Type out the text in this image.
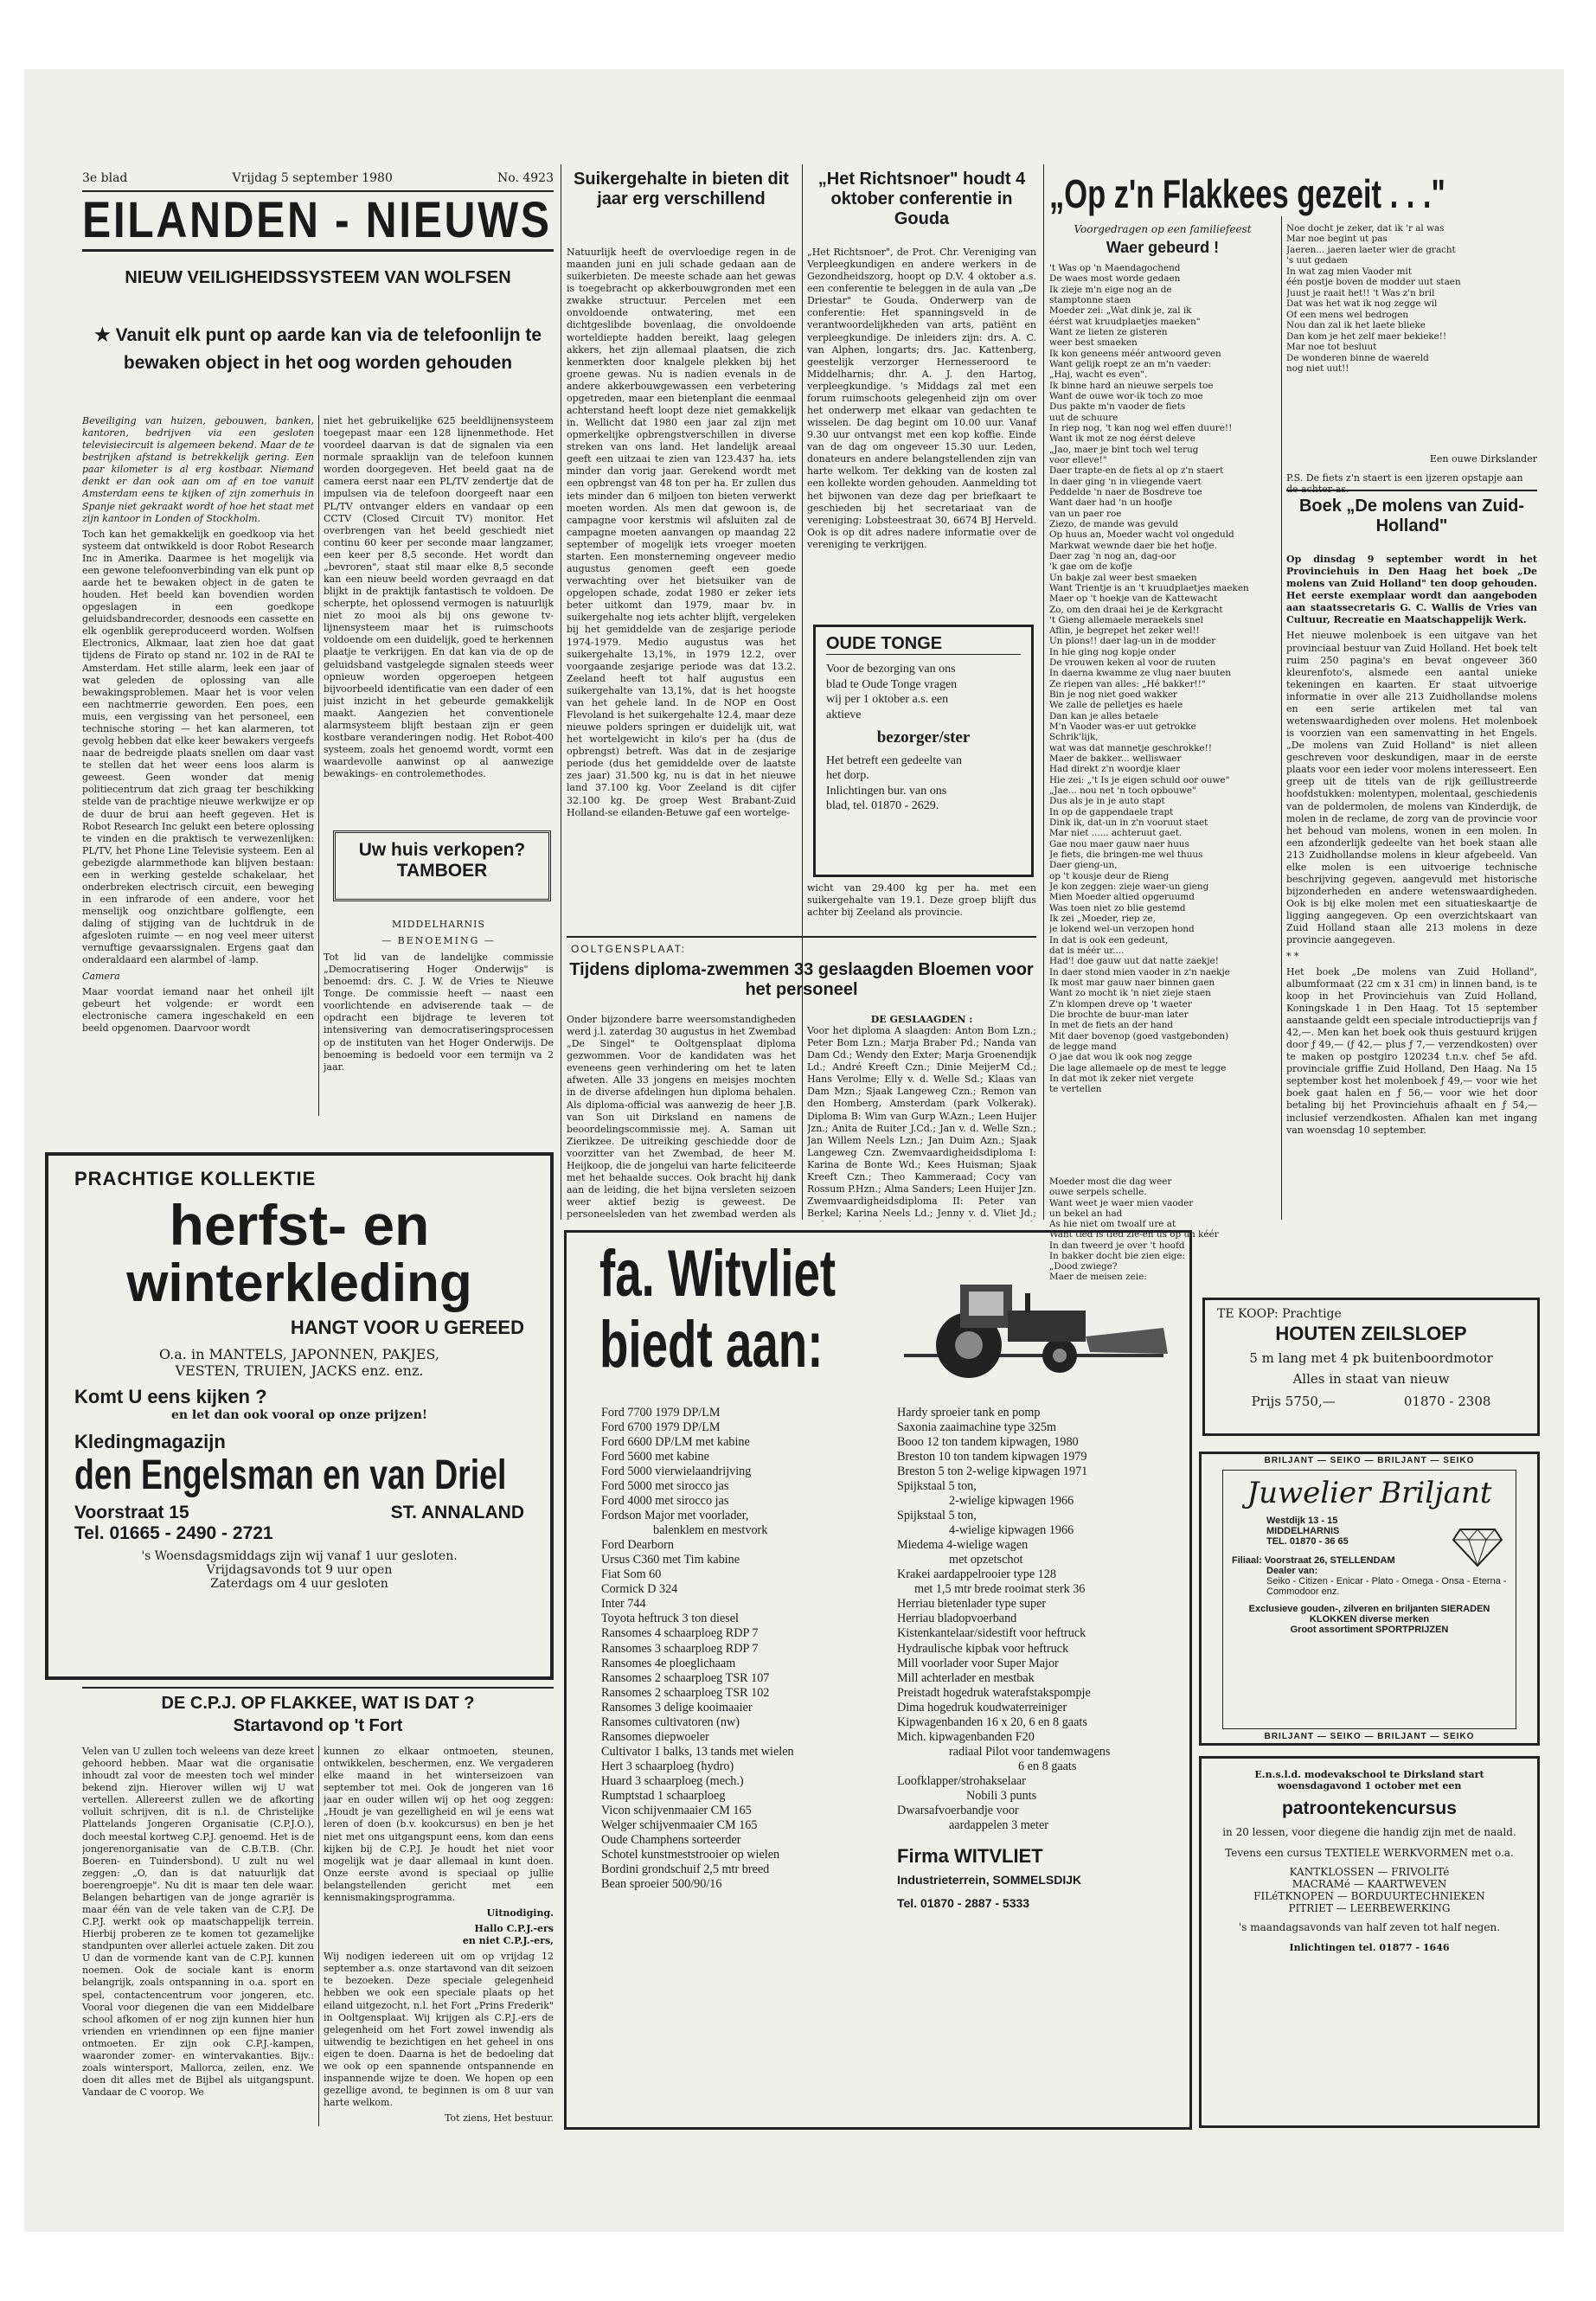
3e blad	Vrijdag 5 september 1980	No. 4923
EILANDEN - NIEUWS
NIEUW VEILIGHEIDSSYSTEEM VAN WOLFSEN
★ Vanuit elk punt op aarde kan via de telefoonlijn te bewaken object in het oog worden gehouden

Beveiliging van huizen, gebouwen, banken, kantoren, bedrijven via een gesloten televisiecircuit is algemeen bekend. Maar de te bestrijken afstand is betrekkelijk gering. Een paar kilometer is al erg kostbaar. Niemand denkt er dan ook aan om af en toe vanuit Amsterdam eens te kijken of zijn zomerhuis in Spanje niet gekraakt wordt of hoe het staat met zijn kantoor in Londen of Stockholm.

Toch kan het gemakkelijk en goedkoop via het systeem dat ontwikkeld is door Robot Research Inc in Amerika. Daarmee is het mogelijk via een gewone telefoonverbinding van elk punt op aarde het te bewaken object in de gaten te houden. Het beeld kan bovendien worden opgeslagen in een goedkope geluidsbandrecorder, desnoods een cassette en elk ogenblik gereproduceerd worden. Wolfsen Electronics, Alkmaar, laat zien hoe dat gaat tijdens de Firato op stand nr. 102 in de RAI te Amsterdam. Het stille alarm, leek een jaar of wat geleden de oplossing van alle bewakingsproblemen. Maar het is voor velen een nachtmerrie geworden. Een poes, een muis, een vergissing van het personeel, een technische storing — het kan alarmeren, tot gevolg hebben dat elke keer bewakers vergeefs naar de bedreigde plaats snellen om daar vast te stellen dat het weer eens loos alarm is geweest. Geen wonder dat menig politiecentrum dat zich graag ter beschikking stelde van de prachtige nieuwe werkwijze er op de duur de brui aan heeft gegeven. Het is Robot Research Inc gelukt een betere oplossing te vinden en die praktisch te verwezenlijken: PL/TV, het Phone Line Televisie systeem. Een al gebezigde alarmmethode kan blijven bestaan: een in werking gestelde schakelaar, het onderbreken electrisch circuit, een beweging in een infrarode of een andere, voor het menselijk oog onzichtbare golflengte, een daling of stijging van de luchtdruk in de afgesloten ruimte — en nog veel meer uiterst vernuftige gevaarssignalen. Ergens gaat dan onderaldaard een alarmbel of -lamp.

Camera

Maar voordat iemand naar het onheil ijlt gebeurt het volgende: er wordt een electronische camera ingeschakeld en een beeld opgenomen. Daarvoor wordt

niet het gebruikelijke 625 beeldlijnensysteem toegepast maar een 128 lijnenmethode. Het voordeel daarvan is dat de signalen via een normale spraaklijn van de telefoon kunnen worden doorgegeven. Het beeld gaat na de camera eerst naar een PL/TV zendertje dat de impulsen via de telefoon doorgeeft naar een PL/TV ontvanger elders en vandaar op een CCTV (Closed Circuit TV) monitor. Het overbrengen van het beeld geschiedt niet continu 60 keer per seconde maar langzamer, een keer per 8,5 seconde. Het wordt dan „bevroren", staat stil maar elke 8,5 seconde kan een nieuw beeld worden gevraagd en dat blijkt in de praktijk fantastisch te voldoen. De scherpte, het oplossend vermogen is natuurlijk niet zo mooi als bij ons gewone tv-lijnensysteem maar het is ruimschoots voldoende om een duidelijk, goed te herkennen plaatje te verkrijgen. En dat kan via de op de geluidsband vastgelegde signalen steeds weer opnieuw worden opgeroepen hetgeen bijvoorbeeld identificatie van een dader of een juist inzicht in het gebeurde gemakkelijk maakt. Aangezien het conventionele alarmsysteem blijft bestaan zijn er geen kostbare veranderingen nodig. Het Robot-400 systeem, zoals het genoemd wordt, vormt een waardevolle aanwinst op al aanwezige bewakings- en controlemethodes.

Uw huis verkopen?
TAMBOER
MIDDELHARNIS
— BENOEMING —

Tot lid van de landelijke commissie „Democratisering Hoger Onderwijs" is benoemd: drs. C. J. W. de Vries te Nieuwe Tonge. De commissie heeft — naast een voorlichtende en adviserende taak — de opdracht een bijdrage te leveren tot intensivering van democratiseringsprocessen op de instituten van het Hoger Onderwijs. De benoeming is bedoeld voor een termijn va 2 jaar.

Suikergehalte in bieten dit jaar erg verschillend

Natuurlijk heeft de overvloedige regen in de maanden juni en juli schade gedaan aan de suikerbieten. De meeste schade aan het gewas is toegebracht op akkerbouwgronden met een zwakke structuur. Percelen met een onvoldoende ontwatering, met een dichtgeslibde bovenlaag, die onvoldoende worteldiepte hadden bereikt, laag gelegen akkers, het zijn allemaal plaatsen, die zich kenmerkten door knalgele plekken bij het groene gewas. Nu is nadien evenals in de andere akkerbouwgewassen een verbetering opgetreden, maar een bietenplant die eenmaal achterstand heeft loopt deze niet gemakkelijk in. Wellicht dat 1980 een jaar zal zijn met opmerkelijke opbrengstverschillen in diverse streken van ons land. Het landelijk areaal geeft een uitzaai te zien van 123.437 ha. iets minder dan vorig jaar. Gerekend wordt met een opbrengst van 48 ton per ha. Er zullen dus iets minder dan 6 miljoen ton bieten verwerkt moeten worden. Als men dat gewoon is, de campagne voor kerstmis wil afsluiten zal de campagne moeten aanvangen op maandag 22 september of mogelijk iets vroeger moeten starten. Een monsterneming ongeveer medio augustus genomen geeft een goede verwachting over het bietsuiker van de opgelopen schade, zodat 1980 er zeker iets beter uitkomt dan 1979, maar bv. in suikergehalte nog iets achter blijft, vergeleken bij het gemiddelde van de zesjarige periode 1974-1979. Medio augustus was het suikergehalte 13,1%, in 1979 12.2, over voorgaande zesjarige periode was dat 13.2. Zeeland heeft tot half augustus een suikergehalte van 13,1%, dat is het hoogste van het gehele land. In de NOP en Oost Flevoland is het suikergehalte 12.4, maar deze nieuwe polders springen er duidelijk uit, wat het wortelgewicht in kilo's per ha (dus de opbrengst) betreft. Was dat in de zesjarige periode (dus het gemiddelde over de laatste zes jaar) 31.500 kg, nu is dat in het nieuwe land 37.100 kg. Voor Zeeland is dit cijfer 32.100 kg. De groep West Brabant-Zuid Holland-se eilanden-Betuwe gaf een wortelge-

„Het Richtsnoer" houdt 4 oktober conferentie in Gouda

„Het Richtsnoer", de Prot. Chr. Vereniging van Verpleegkundigen en andere werkers in de Gezondheidszorg, hoopt op D.V. 4 oktober a.s. een conferentie te beleggen in de aula van „De Driestar" te Gouda. Onderwerp van de conferentie: Het spanningsveld in de verantwoordelijkheden van arts, patiënt en verpleegkundige. De inleiders zijn: drs. A. C. van Alphen, longarts; drs. Jac. Kattenberg, geestelijk verzorger Hernesseroord te Middelharnis; dhr. A. J. den Hartog, verpleegkundige. 's Middags zal met een forum ruimschoots gelegenheid zijn om over het onderwerp met elkaar van gedachten te wisselen. De dag begint om 10.00 uur. Vanaf 9.30 uur ontvangst met een kop koffie. Einde van de dag om ongeveer 15.30 uur. Leden, donateurs en andere belangstellenden zijn van harte welkom. Ter dekking van de kosten zal een kollekte worden gehouden. Aanmelding tot het bijwonen van deze dag per briefkaart te geschieden bij het secretariaat van de vereniging: Lobsteestraat 30, 6674 BJ Herveld. Ook is op dit adres nadere informatie over de vereniging te verkrijgen.

OUDE TONGE
Voor de bezorging van ons
blad te Oude Tonge vragen
wij per 1 oktober a.s. een
aktieve
bezorger/ster
Het betreft een gedeelte van
het dorp.
Inlichtingen bur. van ons
blad, tel. 01870 - 2629.

wicht van 29.400 kg per ha. met een suikergehalte van 19.1. Deze groep blijft dus achter bij Zeeland als provincie.

OOLTGENSPLAAT:
Tijdens diploma-zwemmen 33 geslaagden Bloemen voor het personeel

Onder bijzondere barre weersomstandigheden werd j.l. zaterdag 30 augustus in het Zwembad „De Singel" te Ooltgensplaat diploma gezwommen. Voor de kandidaten was het eveneens geen verhindering om het te laten afweten. Alle 33 jongens en meisjes mochten in de diverse afdelingen hun diploma behalen. Als diploma-official was aanwezig de heer J.B. van Son uit Dirksland en namens de beoordelingscommissie mej. A. Saman uit Zierikzee. De uitreiking geschiedde door de voorzitter van het Zwembad, de heer M. Heijkoop, die de jongelui van harte feliciteerde met het behaalde succes. Ook bracht hij dank aan de leiding, die het bijna versleten seizoen weer aktief bezig is geweest. De personeelsleden van het zwembad werden als

DE GESLAAGDEN :

Voor het diploma A slaagden: Anton Bom Lzn.; Peter Bom Lzn.; Marja Braber Pd.; Nanda van Dam Cd.; Wendy den Exter; Marja Groenendijk Ld.; André Kreeft Czn.; Dinie MeijerM Cd.; Hans Verolme; Elly v. d. Welle Sd.; Klaas van Dam Mzn.; Sjaak Langeweg Czn.; Remon van den Homberg, Amsterdam (park Volkerak). Diploma B: Wim van Gurp W.Azn.; Leen Huijer Jzn.; Anita de Ruiter J.Cd.; Jan v. d. Welle Szn.; Jan Willem Neels Lzn.; Jan Duim Azn.; Sjaak Langeweg Czn. Zwemvaardigheidsdiploma I: Karina de Bonte Wd.; Kees Huisman; Sjaak Kreeft Czn.; Theo Kammeraad; Cocy van Rossum P.Hzn.; Alma Sanders; Leen Huijer Jzn. Zwemvaardigheidsdiploma II: Peter van Berkel; Karina Neels Ld.; Jenny v. d. Vliet Jd.;

„Op z'n Flakkees gezeit . . ."
Voorgedragen op een familiefeest
Waer gebeurd !
't Was op 'n Maendagochend
De waes most worde gedaen
Ik zieje m'n eige nog an de
stamptonne staen
Moeder zei: „Wat dink je, zal ik
éérst wat kruudplaetjes maeken"
Want ze lieten ze gisteren
weer best smaeken
Ik kon geneens méér antwoord geven
Want gelijk roept ze an m'n vaeder:
„Haj, wacht es even".
Ik binne hard an nieuwe serpels toe
Want de ouwe wor-ik toch zo moe
Dus pakte m'n vaoder de fiets
uut de schuure
In riep nog, 't kan nog wel effen duure!!
Want ik mot ze nog éérst deleve
„Jao, maer je bint toch wel terug
voor elleve!"
Daer trapte-en de fiets al op z'n staert
In daer ging 'n in vliegende vaert
Peddelde 'n naer de Bosdreve toe
Want daer had 'n un hoofje
van un paer roe
Ziezo, de mande was gevuld
Op huus an, Moeder wacht vol ongeduld
Markwat wewnde daer bie het hofje.
Daer zag 'n nog an, dag-oor
'k gae om de kofje
Un bakje zal weer best smaeken
Want Trientje is an 't kruudplaetjes maeken
Maer op 't hoekje van de Kattewacht
Zo, om den draai hei je de Kerkgracht
't Gieng allemaele meraekels snel
Aflin, je begrepet het zeker wel!!
Un plons!! daer lag-un in de modder
In hie ging nog kopje onder
De vrouwen keken al voor de ruuten
In daerna kwamme ze vlug naer buuten
Ze riepen van alles: „Hé bakker!!"
Bin je nog niet goed wakker
We zalle de pelletjes es haele
Dan kan je alles betaele
M'n Vaoder was-er uut getrokke
Schrik'lijk,
wat was dat mannetje geschrokke!!
Maer de bakker... welliswaer
Had direkt z'n woordje klaer
Hie zei: „'t Is je eigen schuld oor ouwe"
„Jae... nou net 'n toch opbouwe"
Dus als je in je auto stapt
In op de gappendaele trapt
Dink ik, dat-un in z'n vooruut staet
Mar niet ...... achteruut gaet.
Gae nou maer gauw naer huus
Je fiets, die bringen-me wel thuus
Daer gieng-un,
op 't kousje deur de Rieng
Je kon zeggen: zieje waer-un gieng
Mien Moeder altied opgeruumd
Was toen niet zo blie gestemd
Ik zei „Moeder, riep ze,
je lokend wel-un verzopen hond
In dat is ook een gedeunt,
dat is méér ur....
Had'! doe gauw uut dat natte zaekje!
In daer stond mien vaoder in z'n naekje
Ik most mar gauw naer binnen gaen
Want zo mocht ik 'n niet zieje staen
Z'n klompen dreve op 't waeter
Die brochte de buur-man later
In met de fiets an der hand
Mit daer bovenop (goed vastgebonden)
de legge mand
O jae dat wou ik ook nog zegge
Die lage allemaele op de mest te legge
In dat mot ik zeker niet vergete
te vertellen
Noe docht je zeker, dat ik 'r al was
Mar noe begint ut pas
Jaeren... jaeren laeter wier de gracht
's uut gedaen
In wat zag mien Vaoder mit
één postje boven de modder uut staen
Juust je raait het!! 't Was z'n bril
Dat was het wat ik nog zegge wil
Of een mens wel bedrogen
Nou dan zal ik het laete blieke
Dan kom je het zelf maer bekieke!!
Mar noe tot besluut
De wonderen binne de waereld
nog niet uut!!
Een ouwe Dirkslander
P.S. De fiets z'n staert is een ijzeren opstapje aan
Boek „De molens van Zuid-Holland"

Op dinsdag 9 september wordt in het Provinciehuis in Den Haag het boek „De molens van Zuid Holland" ten doop gehouden. Het eerste exemplaar wordt dan aangeboden aan staatssecretaris G. C. Wallis de Vries van Cultuur, Recreatie en Maatschappelijk Werk.

Het nieuwe molenboek is een uitgave van het provinciaal bestuur van Zuid Holland. Het boek telt ruim 250 pagina's en bevat ongeveer 360 kleurenfoto's, alsmede een aantal unieke tekeningen en kaarten. Er staat uitvoerige informatie in over alle 213 Zuidhollandse molens en een serie artikelen met tal van wetenswaardigheden over molens. Het molenboek is voorzien van een samenvatting in het Engels. „De molens van Zuid Holland" is niet alleen geschreven voor deskundigen, maar in de eerste plaats voor een ieder voor molens interesseert. Een greep uit de titels van de rijk geïllustreerde hoofdstukken: molentypen, molentaal, geschiedenis van de poldermolen, de molens van Kinderdijk, de molen in de reclame, de zorg van de provincie voor het behoud van molens, wonen in een molen. In een afzonderlijk gedeelte van het boek staan alle 213 Zuidhollandse molens in kleur afgebeeld. Van elke molen is een uitvoerige technische beschrijving gegeven, aangevuld met historische bijzonderheden en andere wetenswaardigheden. Ook is bij elke molen met een situatieskaartje de ligging aangegeven. Op een overzichtskaart van Zuid Holland staan alle 213 molens in deze provincie aangegeven.

* *

Het boek „De molens van Zuid Holland", albumformaat (22 cm x 31 cm) in linnen band, is te koop in het Provinciehuis van Zuid Holland, Koningskade 1 in Den Haag. Tot 15 september aanstaande geldt een speciale introductieprijs van ƒ 42,—. Men kan het boek ook thuis gestuurd krijgen door ƒ 49,— (ƒ 42,— plus ƒ 7,— verzendkosten) over te maken op postgiro 120234 t.n.v. chef 5e afd. provinciale griffie Zuid Holland, Den Haag. Na 15 september kost het molenboek ƒ 49,— voor wie het boek gaat halen en ƒ 56,— voor wie het door betaling bij het Provinciehuis afhaalt en ƒ 54,— inclusief verzendkosten. Afhalen kan met ingang van woensdag 10 september.

Moeder most die dag weer
ouwe serpels schelle.
Want weet je waer mien vaoder
un bekel an had
As hie niet om twoalf ure at
Want tied is tied zie-en us op un kéér
In dan tweerd je over 't hoofd
In bakker docht bie zien eige:
„Dood zwiege?
Maer de meisen zeie:

PRACHTIGE KOLLEKTIE
herfst- en
winterkleding
HANGT VOOR U GEREED
O.a. in MANTELS, JAPONNEN, PAKJES,
VESTEN, TRUIEN, JACKS enz. enz.
Komt U eens kijken ?
en let dan ook vooral op onze prijzen!
Kledingmagazijn
den Engelsman en van Driel
Voorstraat 15	ST. ANNALAND
Tel. 01665 - 2490 - 2721
's Woensdagsmiddags zijn wij vanaf 1 uur gesloten.
Vrijdagsavonds tot 9 uur open
Zaterdags om 4 uur gesloten
DE C.P.J. OP FLAKKEE, WAT IS DAT ?
Startavond op 't Fort

Velen van U zullen toch weleens van deze kreet gehoord hebben. Maar wat die organisatie inhoudt zal voor de meesten toch wel minder bekend zijn. Hierover willen wij U wat vertellen. Allereerst zullen we de afkorting volluit schrijven, dit is n.l. de Christelijke Plattelands Jongeren Organisatie (C.P.J.O.), doch meestal kortweg C.P.J. genoemd. Het is de jongerenorganisatie van de C.B.T.B. (Chr. Boeren- en Tuindersbond). U zult nu wel zeggen: „O, dan is dat natuurlijk dat boerengroepje". Nu dit is maar ten dele waar. Belangen behartigen van de jonge agrariër is maar één van de vele taken van de C.P.J. De C.P.J. werkt ook op maatschappelijk terrein. Hierbij proberen ze te komen tot gezamelijke standpunten over allerlei actuele zaken. Dit zou U dan de vormende kant van de C.P.J. kunnen noemen. Ook de sociale kant is enorm belangrijk, zoals ontspanning in o.a. sport en spel, contactencentrum voor jongeren, etc. Vooral voor diegenen die van een Middelbare school afkomen of er nog zijn kunnen hier hun vrienden en vriendinnen op een fijne manier ontmoeten. Er zijn ook C.P.J.-kampen, waaronder zomer- en wintervakanties. Bijv.: zoals wintersport, Mallorca, zeilen, enz. We doen dit alles met de Bijbel als uitgangspunt. Vandaar de C voorop. We

kunnen zo elkaar ontmoeten, steunen, ontwikkelen, beschermen, enz. We vergaderen elke maand in het winterseizoen van september tot mei. Ook de jongeren van 16 jaar en ouder willen wij op het oog zeggen: „Houdt je van gezelligheid en wil je eens wat leren of doen (b.v. kookcursus) en ben je het niet met ons uitgangspunt eens, kom dan eens kijken bij de C.P.J. Je houdt het niet voor mogelijk wat je daar allemaal in kunt doen. Onze eerste avond is speciaal op jullie belangstellenden gericht met een kennismakingsprogramma.

Uitnodiging.

Hallo C.P.J.-ers

en niet C.P.J.-ers,

Wij nodigen iedereen uit om op vrijdag 12 september a.s. onze startavond van dit seizoen te bezoeken. Deze speciale gelegenheid hebben we ook een speciale plaats op het eiland uitgezocht, n.l. het Fort „Prins Frederik" in Ooltgensplaat. Wij krijgen als C.P.J.-ers de gelegenheid om het Fort zowel inwendig als uitwendig te bezichtigen en het geheel in ons eigen te doen. Daarna is het de bedoeling dat we ook op een spannende ontspannende en inspannende wijze te doen. We hopen op een gezellige avond, te beginnen is om 8 uur van harte welkom.

Tot ziens, Het bestuur.

fa. Witvliet
biedt aan:
Ford 7700 1979 DP/LM
Ford 6700 1979 DP/LM
Ford 6600 DP/LM met kabine
Ford 5600 met kabine
Ford 5000 vierwielaandrijving
Ford 5000 met sirocco jas
Ford 4000 met sirocco jas
Fordson Major met voorlader,
balenklem en mestvork
Ford Dearborn
Ursus C360 met Tim kabine
Fiat Som 60
Cormick D 324
Inter 744
Toyota heftruck 3 ton diesel
Ransomes 4 schaarploeg RDP 7
Ransomes 3 schaarploeg RDP 7
Ransomes 4e ploeglichaam
Ransomes 2 schaarploeg TSR 107
Ransomes 2 schaarploeg TSR 102
Ransomes 3 delige kooimaaier
Ransomes cultivatoren (nw)
Ransomes diepwoeler
Cultivator 1 balks, 13 tands met wielen
Hert 3 schaarploeg (hydro)
Huard 3 schaarploeg (mech.)
Rumptstad 1 schaarploeg
Vicon schijvenmaaier CM 165
Welger schijvenmaaier CM 165
Oude Champhens sorteerder
Schotel kunstmeststrooier op wielen
Bordini grondschuif 2,5 mtr breed
Bean sproeier 500/90/16
Hardy sproeier tank en pomp
Saxonia zaaimachine type 325m
Booo 12 ton tandem kipwagen, 1980
Breston 10 ton tandem kipwagen 1979
Breston 5 ton 2-welige kipwagen 1971
Spijkstaal 5 ton,
2-wielige kipwagen 1966
Spijkstaal 5 ton,
4-wielige kipwagen 1966
Miedema 4-wielige wagen
met opzetschot
Krakei aardappelrooier type 128
met 1,5 mtr brede rooimat sterk 36
Herriau bietenlader type super
Herriau bladopvoerband
Kistenkantelaar/sidestift voor heftruck
Hydraulische kipbak voor heftruck
Mill voorlader voor Super Major
Mill achterlader en mestbak
Preistadt hogedruk waterafstakspompje
Dima hogedruk koudwaterreiniger
Kipwagenbanden 16 x 20, 6 en 8 gaats
Mich. kipwagenbanden F20
radiaal Pilot voor tandemwagens
6 en 8 gaats
Loofklapper/strohakselaar
Nobili 3 punts
Dwarsafvoerbandje voor
aardappelen 3 meter
Firma WITVLIET
Industrieterrein, SOMMELSDIJK
Tel. 01870 - 2887 - 5333
TE KOOP: Prachtige
HOUTEN ZEILSLOEP
5 m lang met 4 pk buitenboordmotor
Alles in staat van nieuw
Prijs 5750,—	01870 - 2308
BRILJANT — SEIKO — BRILJANT — SEIKO
BRILJANT — SEIKO — BRILJANT — SEIKO
Juwelier Briljant
Westdijk 13 - 15
MIDDELHARNIS
TEL. 01870 - 36 65
Filiaal: Voorstraat 26, STELLENDAM
Dealer van:
Seiko - Citizen - Enicar - Plato - Omega - Onsa - Eterna - Commodoor enz.
Exclusieve gouden-, zilveren en briljanten SIERADEN
KLOKKEN diverse merken
Groot assortiment SPORTPRIJZEN
E.n.s.l.d. modevakschool te Dirksland start
woensdagavond 1 october met een
patroontekencursus
in 20 lessen, voor diegene die handig zijn met de naald.
Tevens een cursus TEXTIELE WERKVORMEN met o.a.
KANTKLOSSEN — FRIVOLITé
MACRAMé — KAARTWEVEN
FILéTKNOPEN — BORDUURTECHNIEKEN
PITRIET — LEERBEWERKING
's maandagsavonds van half zeven tot half negen.
Inlichtingen tel. 01877 - 1646
